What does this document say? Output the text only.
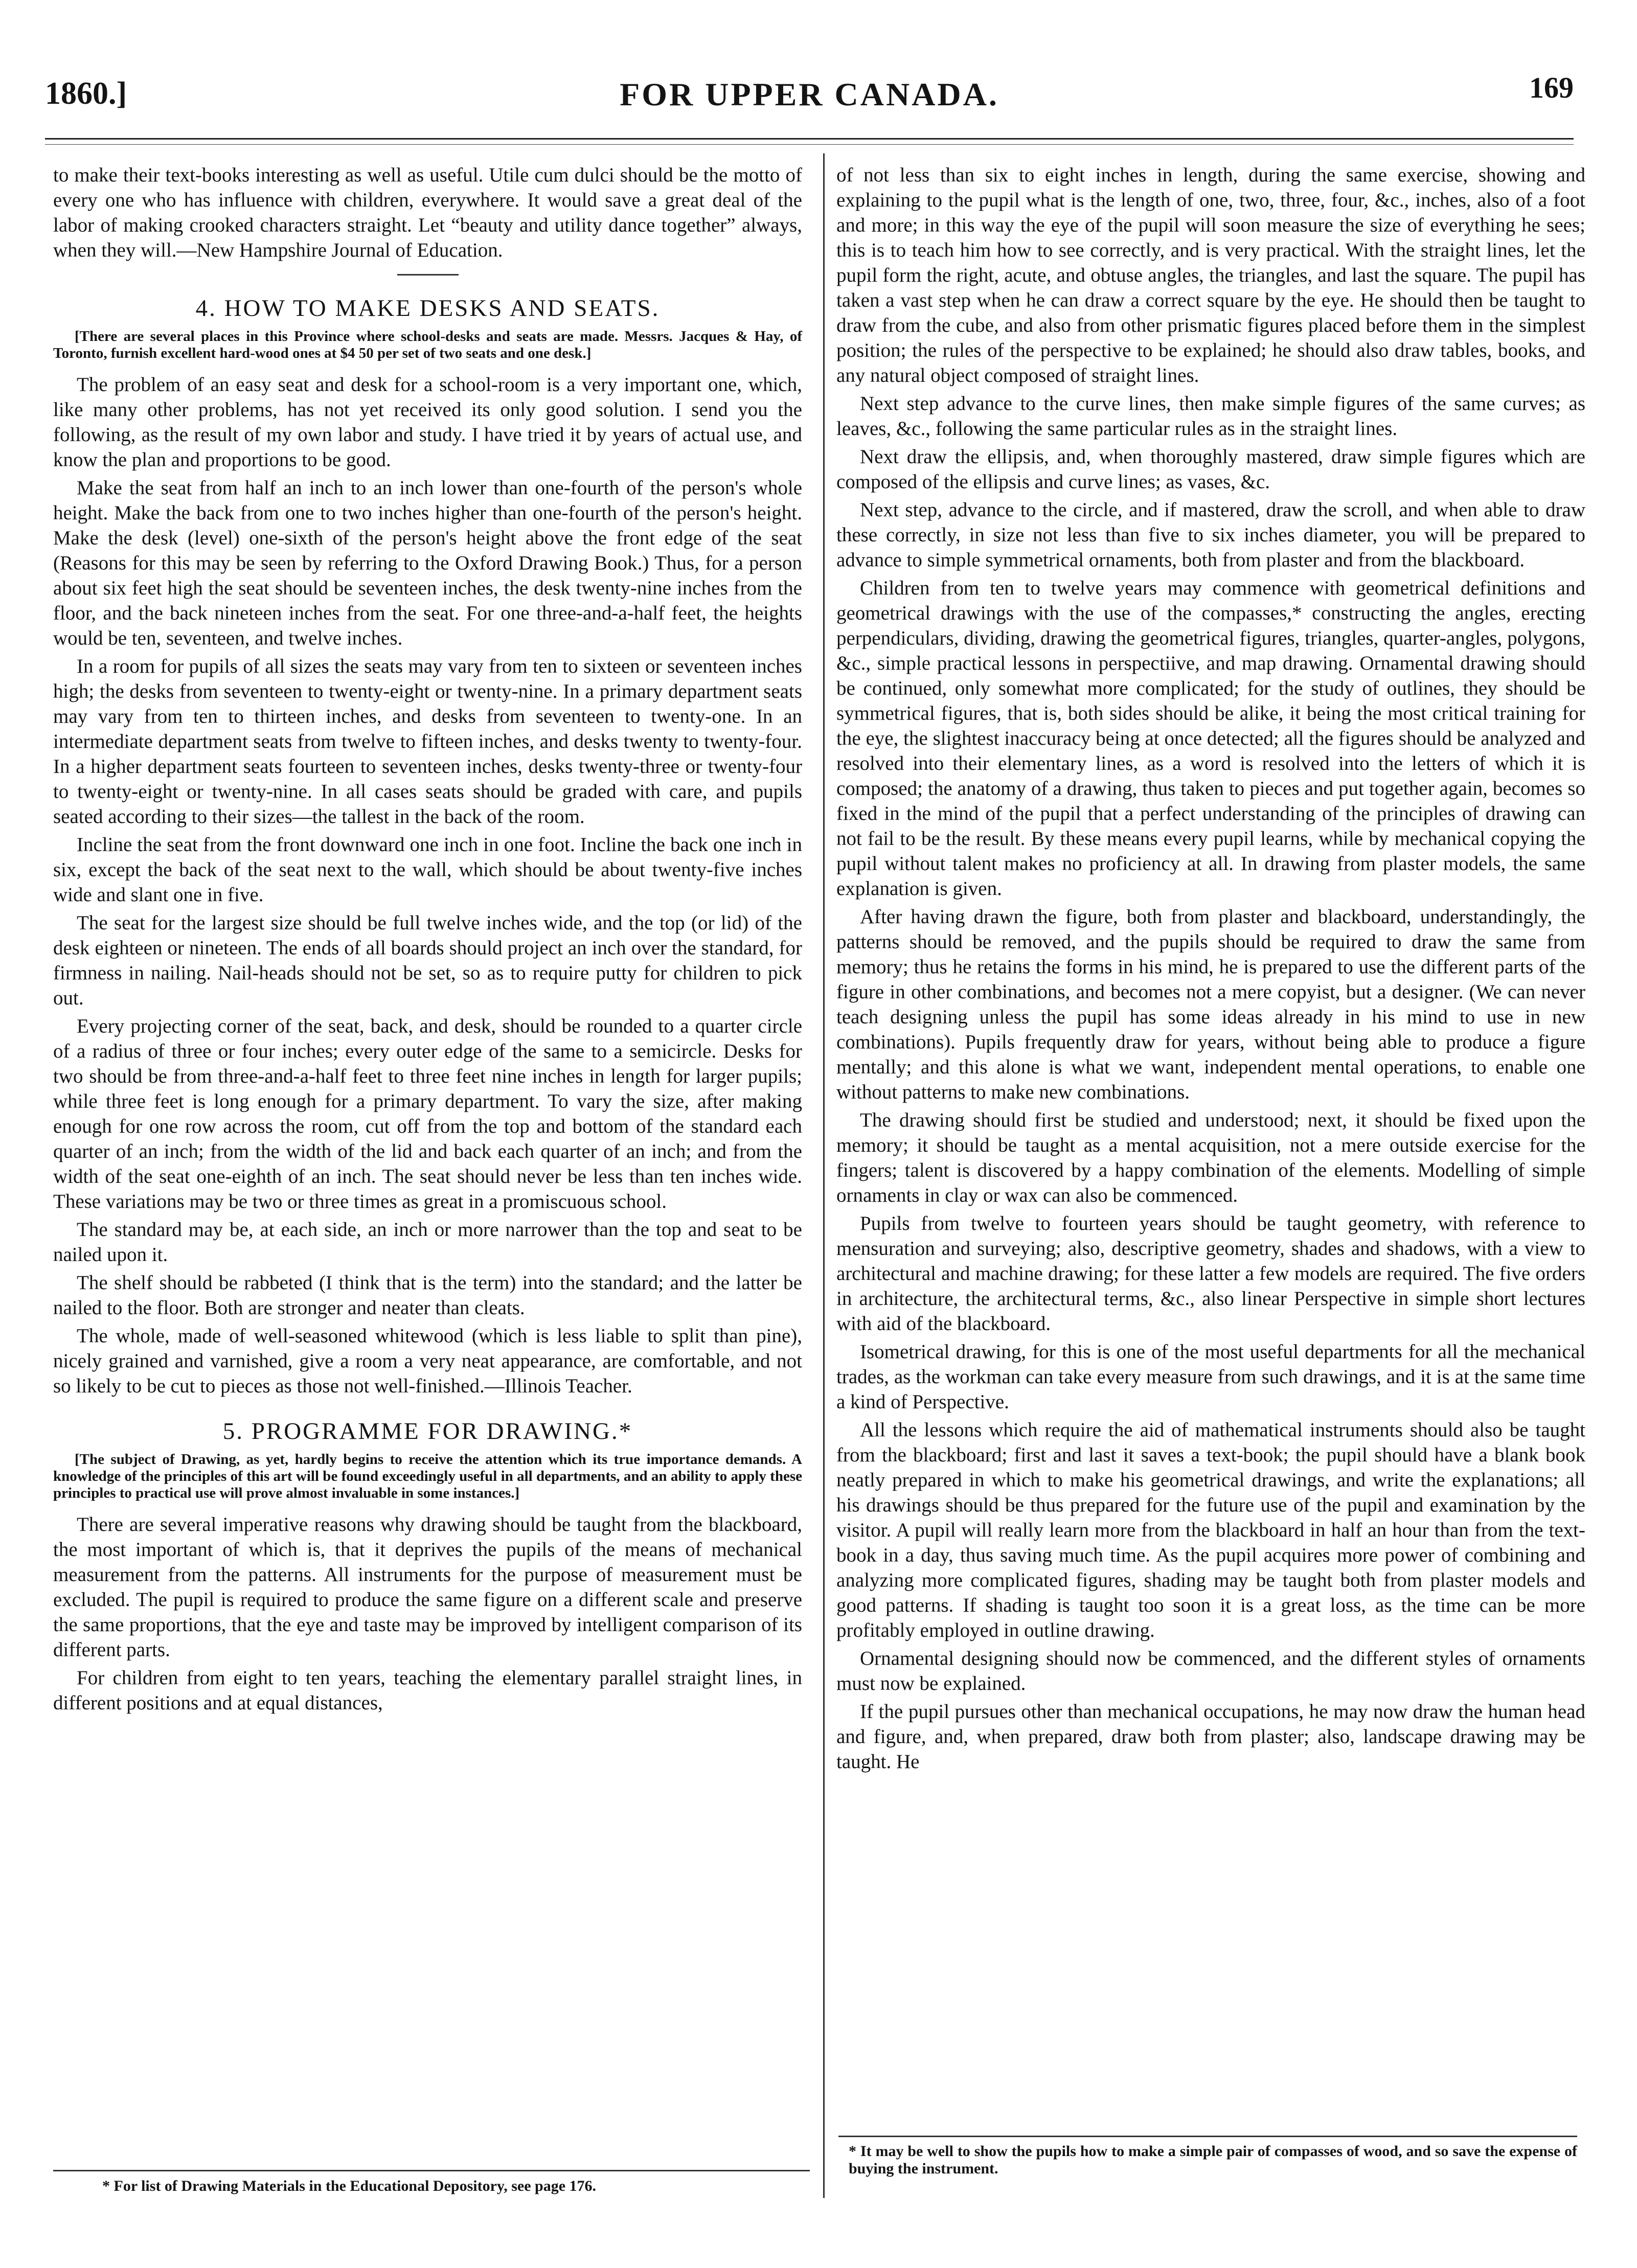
1860.]	FOR UPPER CANADA.	169

to make their text-books interesting as well as useful. Utile cum dulci should be the motto of every one who has influence with children, everywhere. It would save a great deal of the labor of making crooked characters straight. Let “beauty and utility dance together” always, when they will.—New Hampshire Journal of Education.

4. HOW TO MAKE DESKS AND SEATS.

[There are several places in this Province where school-desks and seats are made. Messrs. Jacques & Hay, of Toronto, furnish excellent hard-wood ones at $4 50 per set of two seats and one desk.]

The problem of an easy seat and desk for a school-room is a very important one, which, like many other problems, has not yet received its only good solution. I send you the following, as the result of my own labor and study. I have tried it by years of actual use, and know the plan and proportions to be good.

Make the seat from half an inch to an inch lower than one-fourth of the person's whole height. Make the back from one to two inches higher than one-fourth of the person's height. Make the desk (level) one-sixth of the person's height above the front edge of the seat (Reasons for this may be seen by referring to the Oxford Drawing Book.) Thus, for a person about six feet high the seat should be seventeen inches, the desk twenty-nine inches from the floor, and the back nineteen inches from the seat. For one three-and-a-half feet, the heights would be ten, seventeen, and twelve inches.

In a room for pupils of all sizes the seats may vary from ten to sixteen or seventeen inches high; the desks from seventeen to twenty-eight or twenty-nine. In a primary department seats may vary from ten to thirteen inches, and desks from seventeen to twenty-one. In an intermediate department seats from twelve to fifteen inches, and desks twenty to twenty-four. In a higher department seats fourteen to seventeen inches, desks twenty-three or twenty-four to twenty-eight or twenty-nine. In all cases seats should be graded with care, and pupils seated according to their sizes—the tallest in the back of the room.

Incline the seat from the front downward one inch in one foot. Incline the back one inch in six, except the back of the seat next to the wall, which should be about twenty-five inches wide and slant one in five.

The seat for the largest size should be full twelve inches wide, and the top (or lid) of the desk eighteen or nineteen. The ends of all boards should project an inch over the standard, for firmness in nailing. Nail-heads should not be set, so as to require putty for children to pick out.

Every projecting corner of the seat, back, and desk, should be rounded to a quarter circle of a radius of three or four inches; every outer edge of the same to a semicircle. Desks for two should be from three-and-a-half feet to three feet nine inches in length for larger pupils; while three feet is long enough for a primary department. To vary the size, after making enough for one row across the room, cut off from the top and bottom of the standard each quarter of an inch; from the width of the lid and back each quarter of an inch; and from the width of the seat one-eighth of an inch. The seat should never be less than ten inches wide. These variations may be two or three times as great in a promiscuous school.

The standard may be, at each side, an inch or more narrower than the top and seat to be nailed upon it.

The shelf should be rabbeted (I think that is the term) into the standard; and the latter be nailed to the floor. Both are stronger and neater than cleats.

The whole, made of well-seasoned whitewood (which is less liable to split than pine), nicely grained and varnished, give a room a very neat appearance, are comfortable, and not so likely to be cut to pieces as those not well-finished.—Illinois Teacher.

5. PROGRAMME FOR DRAWING.*

[The subject of Drawing, as yet, hardly begins to receive the attention which its true importance demands. A knowledge of the principles of this art will be found exceedingly useful in all departments, and an ability to apply these principles to practical use will prove almost invaluable in some instances.]

There are several imperative reasons why drawing should be taught from the blackboard, the most important of which is, that it deprives the pupils of the means of mechanical measurement from the patterns. All instruments for the purpose of measurement must be excluded. The pupil is required to produce the same figure on a different scale and preserve the same proportions, that the eye and taste may be improved by intelligent comparison of its different parts.

For children from eight to ten years, teaching the elementary parallel straight lines, in different positions and at equal distances,

of not less than six to eight inches in length, during the same exercise, showing and explaining to the pupil what is the length of one, two, three, four, &c., inches, also of a foot and more; in this way the eye of the pupil will soon measure the size of everything he sees; this is to teach him how to see correctly, and is very practical. With the straight lines, let the pupil form the right, acute, and obtuse angles, the triangles, and last the square. The pupil has taken a vast step when he can draw a correct square by the eye. He should then be taught to draw from the cube, and also from other prismatic figures placed before them in the simplest position; the rules of the perspective to be explained; he should also draw tables, books, and any natural object composed of straight lines.

Next step advance to the curve lines, then make simple figures of the same curves; as leaves, &c., following the same particular rules as in the straight lines.

Next draw the ellipsis, and, when thoroughly mastered, draw simple figures which are composed of the ellipsis and curve lines; as vases, &c.

Next step, advance to the circle, and if mastered, draw the scroll, and when able to draw these correctly, in size not less than five to six inches diameter, you will be prepared to advance to simple symmetrical ornaments, both from plaster and from the blackboard.

Children from ten to twelve years may commence with geometrical definitions and geometrical drawings with the use of the compasses,* constructing the angles, erecting perpendiculars, dividing, drawing the geometrical figures, triangles, quarter-angles, polygons, &c., simple practical lessons in perspectiive, and map drawing. Ornamental drawing should be continued, only somewhat more complicated; for the study of outlines, they should be symmetrical figures, that is, both sides should be alike, it being the most critical training for the eye, the slightest inaccuracy being at once detected; all the figures should be analyzed and resolved into their elementary lines, as a word is resolved into the letters of which it is composed; the anatomy of a drawing, thus taken to pieces and put together again, becomes so fixed in the mind of the pupil that a perfect understanding of the principles of drawing can not fail to be the result. By these means every pupil learns, while by mechanical copying the pupil without talent makes no proficiency at all. In drawing from plaster models, the same explanation is given.

After having drawn the figure, both from plaster and blackboard, understandingly, the patterns should be removed, and the pupils should be required to draw the same from memory; thus he retains the forms in his mind, he is prepared to use the different parts of the figure in other combinations, and becomes not a mere copyist, but a designer. (We can never teach designing unless the pupil has some ideas already in his mind to use in new combinations). Pupils frequently draw for years, without being able to produce a figure mentally; and this alone is what we want, independent mental operations, to enable one without patterns to make new combinations.

The drawing should first be studied and understood; next, it should be fixed upon the memory; it should be taught as a mental acquisition, not a mere outside exercise for the fingers; talent is discovered by a happy combination of the elements. Modelling of simple ornaments in clay or wax can also be commenced.

Pupils from twelve to fourteen years should be taught geometry, with reference to mensuration and surveying; also, descriptive geometry, shades and shadows, with a view to architectural and machine drawing; for these latter a few models are required. The five orders in architecture, the architectural terms, &c., also linear Perspective in simple short lectures with aid of the blackboard.

Isometrical drawing, for this is one of the most useful departments for all the mechanical trades, as the workman can take every measure from such drawings, and it is at the same time a kind of Perspective.

All the lessons which require the aid of mathematical instruments should also be taught from the blackboard; first and last it saves a text-book; the pupil should have a blank book neatly prepared in which to make his geometrical drawings, and write the explanations; all his drawings should be thus prepared for the future use of the pupil and examination by the visitor. A pupil will really learn more from the blackboard in half an hour than from the text-book in a day, thus saving much time. As the pupil acquires more power of combining and analyzing more complicated figures, shading may be taught both from plaster models and good patterns. If shading is taught too soon it is a great loss, as the time can be more profitably employed in outline drawing.

Ornamental designing should now be commenced, and the different styles of ornaments must now be explained.

If the pupil pursues other than mechanical occupations, he may now draw the human head and figure, and, when prepared, draw both from plaster; also, landscape drawing may be taught. He

* For list of Drawing Materials in the Educational Depository, see page 176.
* It may be well to show the pupils how to make a simple pair of compasses of wood, and so save the expense of buying the instrument.
